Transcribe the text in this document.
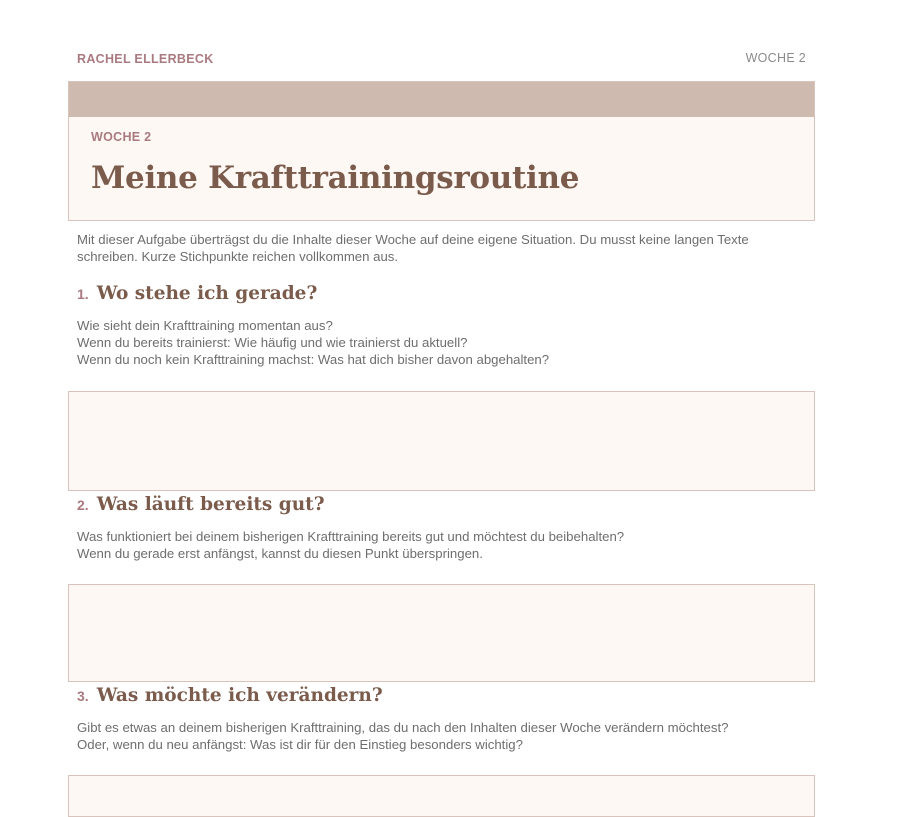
RACHEL ELLERBECK	WOCHE 2
WOCHE 2
Meine Krafttrainingsroutine
Mit dieser Aufgabe überträgst du die Inhalte dieser Woche auf deine eigene Situation. Du musst keine langen Texte
schreiben. Kurze Stichpunkte reichen vollkommen aus.
1. Wo stehe ich gerade?
Wie sieht dein Krafttraining momentan aus?
Wenn du bereits trainierst: Wie häufig und wie trainierst du aktuell?
Wenn du noch kein Krafttraining machst: Was hat dich bisher davon abgehalten?
2. Was läuft bereits gut?
Was funktioniert bei deinem bisherigen Krafttraining bereits gut und möchtest du beibehalten?
Wenn du gerade erst anfängst, kannst du diesen Punkt überspringen.
3. Was möchte ich verändern?
Gibt es etwas an deinem bisherigen Krafttraining, das du nach den Inhalten dieser Woche verändern möchtest?
Oder, wenn du neu anfängst: Was ist dir für den Einstieg besonders wichtig?
